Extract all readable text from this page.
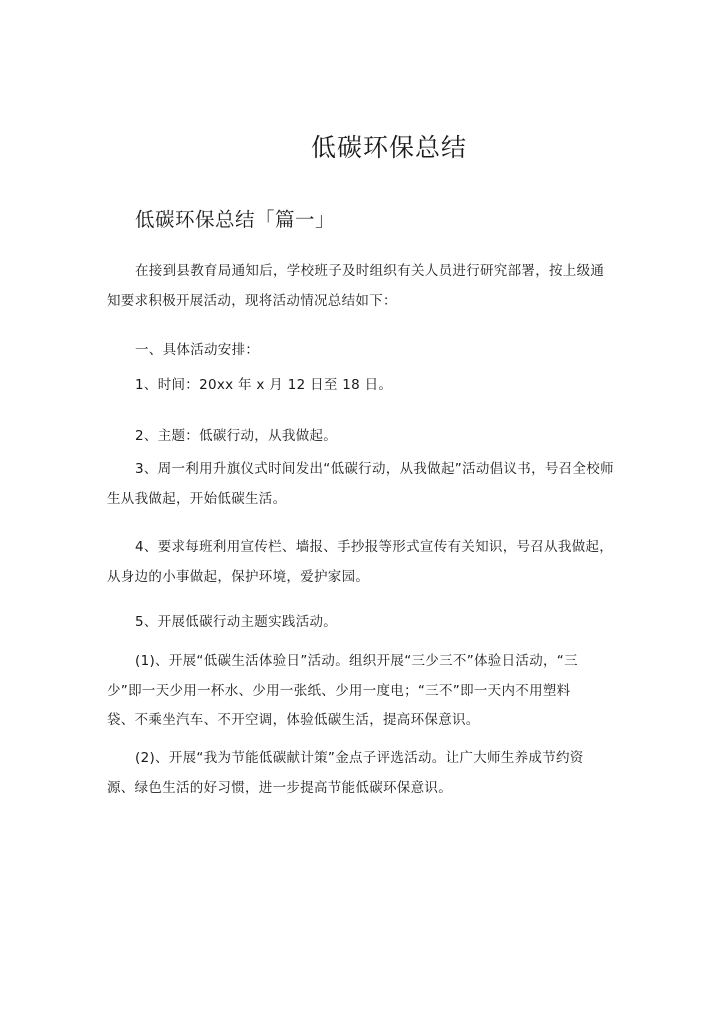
低碳环保总结
低碳环保总结「篇一」
在接到县教育局通知后，学校班子及时组织有关人员进行研究部署，按上级通知要求积极开展活动，现将活动情况总结如下：
一、具体活动安排：
1、时间：20xx 年 x 月 12 日至 18 日。
2、主题：低碳行动，从我做起。
3、周一利用升旗仪式时间发出“低碳行动，从我做起”活动倡议书，号召全校师生从我做起，开始低碳生活。
4、要求每班利用宣传栏、墙报、手抄报等形式宣传有关知识，号召从我做起，从身边的小事做起，保护环境，爱护家园。
5、开展低碳行动主题实践活动。
(1)、开展“低碳生活体验日”活动。组织开展“三少三不”体验日活动，“三少”即一天少用一杯水、少用一张纸、少用一度电；“三不”即一天内不用塑料袋、不乘坐汽车、不开空调，体验低碳生活，提高环保意识。
(2)、开展“我为节能低碳献计策”金点子评选活动。让广大师生养成节约资源、绿色生活的好习惯，进一步提高节能低碳环保意识。
